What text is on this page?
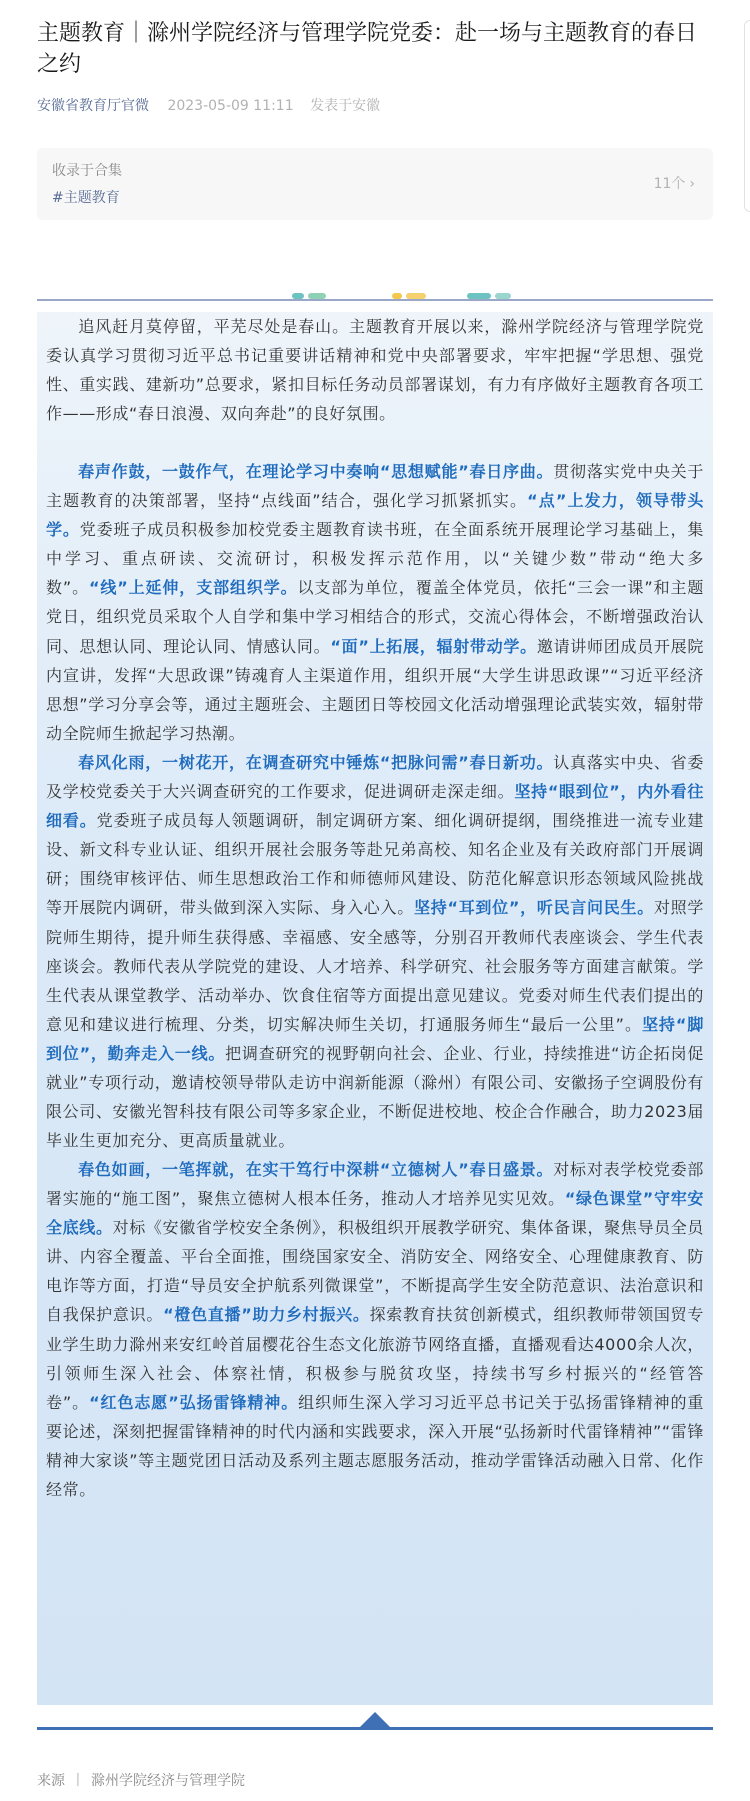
主题教育｜滁州学院经济与管理学院党委：赴一场与主题教育的春日之约
安徽省教育厅官微 2023-05-09 11:11 发表于安徽
收录于合集
#主题教育
11个 ›

追风赶月莫停留，平芜尽处是春山。主题教育开展以来，滁州学院经济与管理学院党委认真学习贯彻习近平总书记重要讲话精神和党中央部署要求，牢牢把握“学思想、强党性、重实践、建新功”总要求，紧扣目标任务动员部署谋划，有力有序做好主题教育各项工作——形成“春日浪漫、双向奔赴”的良好氛围。

春声作鼓，一鼓作气，在理论学习中奏响“思想赋能”春日序曲。贯彻落实党中央关于主题教育的决策部署，坚持“点线面”结合，强化学习抓紧抓实。“点”上发力，领导带头学。党委班子成员积极参加校党委主题教育读书班，在全面系统开展理论学习基础上，集中学习、重点研读、交流研讨，积极发挥示范作用，以“关键少数”带动“绝大多数”。“线”上延伸，支部组织学。以支部为单位，覆盖全体党员，依托“三会一课”和主题党日，组织党员采取个人自学和集中学习相结合的形式，交流心得体会，不断增强政治认同、思想认同、理论认同、情感认同。“面”上拓展，辐射带动学。邀请讲师团成员开展院内宣讲，发挥“大思政课”铸魂育人主渠道作用，组织开展“大学生讲思政课”“习近平经济思想”学习分享会等，通过主题班会、主题团日等校园文化活动增强理论武装实效，辐射带动全院师生掀起学习热潮。

春风化雨，一树花开，在调查研究中锤炼“把脉问需”春日新功。认真落实中央、省委及学校党委关于大兴调查研究的工作要求，促进调研走深走细。坚持“眼到位”，内外看往细看。党委班子成员每人领题调研，制定调研方案、细化调研提纲，围绕推进一流专业建设、新文科专业认证、组织开展社会服务等赴兄弟高校、知名企业及有关政府部门开展调研；围绕审核评估、师生思想政治工作和师德师风建设、防范化解意识形态领域风险挑战等开展院内调研，带头做到深入实际、身入心入。坚持“耳到位”，听民言问民生。对照学院师生期待，提升师生获得感、幸福感、安全感等，分别召开教师代表座谈会、学生代表座谈会。教师代表从学院党的建设、人才培养、科学研究、社会服务等方面建言献策。学生代表从课堂教学、活动举办、饮食住宿等方面提出意见建议。党委对师生代表们提出的意见和建议进行梳理、分类，切实解决师生关切，打通服务师生“最后一公里”。坚持“脚到位”，勤奔走入一线。把调查研究的视野朝向社会、企业、行业，持续推进“访企拓岗促就业”专项行动，邀请校领导带队走访中润新能源（滁州）有限公司、安徽扬子空调股份有限公司、安徽光智科技有限公司等多家企业，不断促进校地、校企合作融合，助力2023届毕业生更加充分、更高质量就业。

春色如画，一笔挥就，在实干笃行中深耕“立德树人”春日盛景。对标对表学校党委部署实施的“施工图”，聚焦立德树人根本任务，推动人才培养见实见效。“绿色课堂”守牢安全底线。对标《安徽省学校安全条例》，积极组织开展教学研究、集体备课，聚焦导员全员讲、内容全覆盖、平台全面推，围绕国家安全、消防安全、网络安全、心理健康教育、防电诈等方面，打造“导员安全护航系列微课堂”，不断提高学生安全防范意识、法治意识和自我保护意识。“橙色直播”助力乡村振兴。探索教育扶贫创新模式，组织教师带领国贸专业学生助力滁州来安红岭首届樱花谷生态文化旅游节网络直播，直播观看达4000余人次，引领师生深入社会、体察社情，积极参与脱贫攻坚，持续书写乡村振兴的“经管答卷”。“红色志愿”弘扬雷锋精神。组织师生深入学习习近平总书记关于弘扬雷锋精神的重要论述，深刻把握雷锋精神的时代内涵和实践要求，深入开展“弘扬新时代雷锋精神”“雷锋精神大家谈”等主题党团日活动及系列主题志愿服务活动，推动学雷锋活动融入日常、化作经常。

来源 丨 滁州学院经济与管理学院
